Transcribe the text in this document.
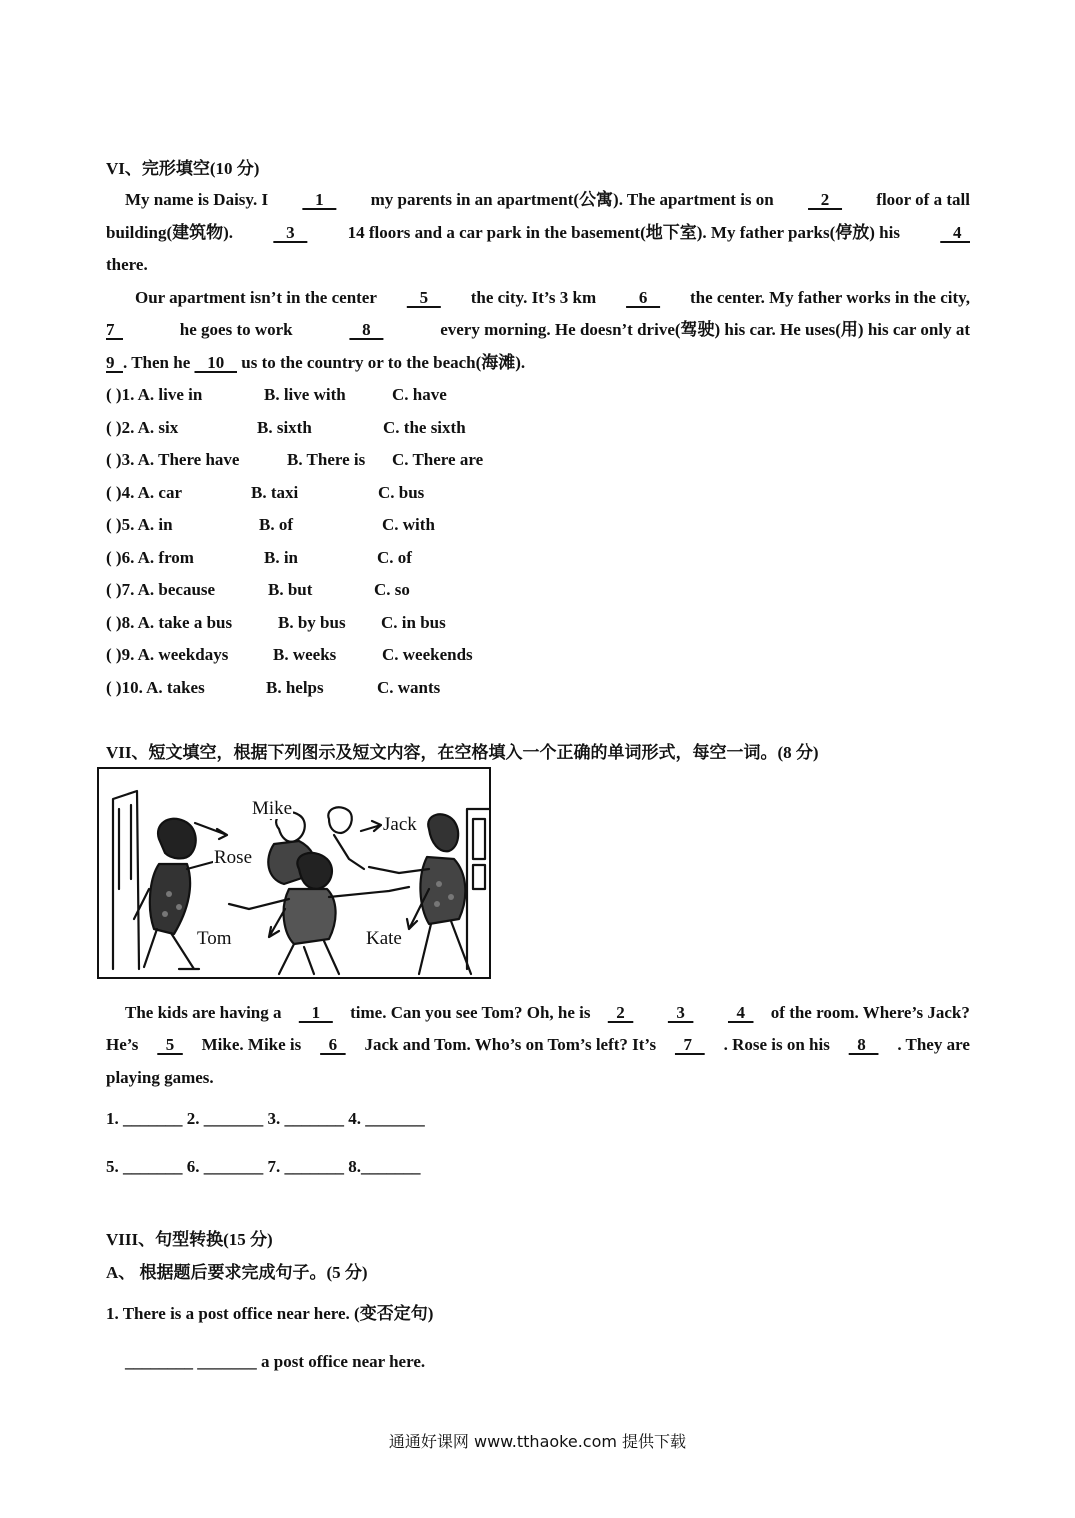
VI、完形填空(10 分)
My name is Daisy. I 1 my parents in an apartment(公寓). The apartment is on 2 floor of a tall
building(建筑物). 3 14 floors and a car park in the basement(地下室). My father parks(停放) his 4
there.
Our apartment isn’t in the center 5 the city. It’s 3 km 6 the center. My father works in the city,
7	he goes to work	8	every morning. He doesn’t drive(驾驶) his car. He uses(用) his car only at
9  . Then he    10    us to the country or to the beach(海滩).
( )1. A. live in	B. live with	C. have
( )2. A. six	B. sixth	C. the sixth
( )3. A. There have	B. There is C. There are
( )4. A. car	B. taxi	C. bus
( )5. A. in	B. of	C. with
( )6. A. from	B. in	C. of
( )7. A. because	B. but	C. so
( )8. A. take a bus	B. by bus C. in bus
( )9. A. weekdays	B. weeks	C. weekends
( )10. A. takes	B. helps	C. wants
VII、短文填空，根据下列图示及短文内容，在空格填入一个正确的单词形式，每空一词。(8 分)
Mike
Jack
Rose
Tom	Kate
The kids are having a 1 time. Can you see Tom? Oh, he is 2 3 4 of the room. Where’s Jack?
He’s 5 Mike. Mike is 6 Jack and Tom. Who’s on Tom’s left? It’s 7 . Rose is on his 8 . They are
playing games.
1. _______ 2. _______ 3. _______ 4. _______
5. _______ 6. _______ 7. _______ 8._______
VIII、句型转换(15 分)
A、 根据题后要求完成句子。(5 分)
1. There is a post office near here. (变否定句)
________ _______ a post office near here.
通通好课网 www.tthaoke.com 提供下载
